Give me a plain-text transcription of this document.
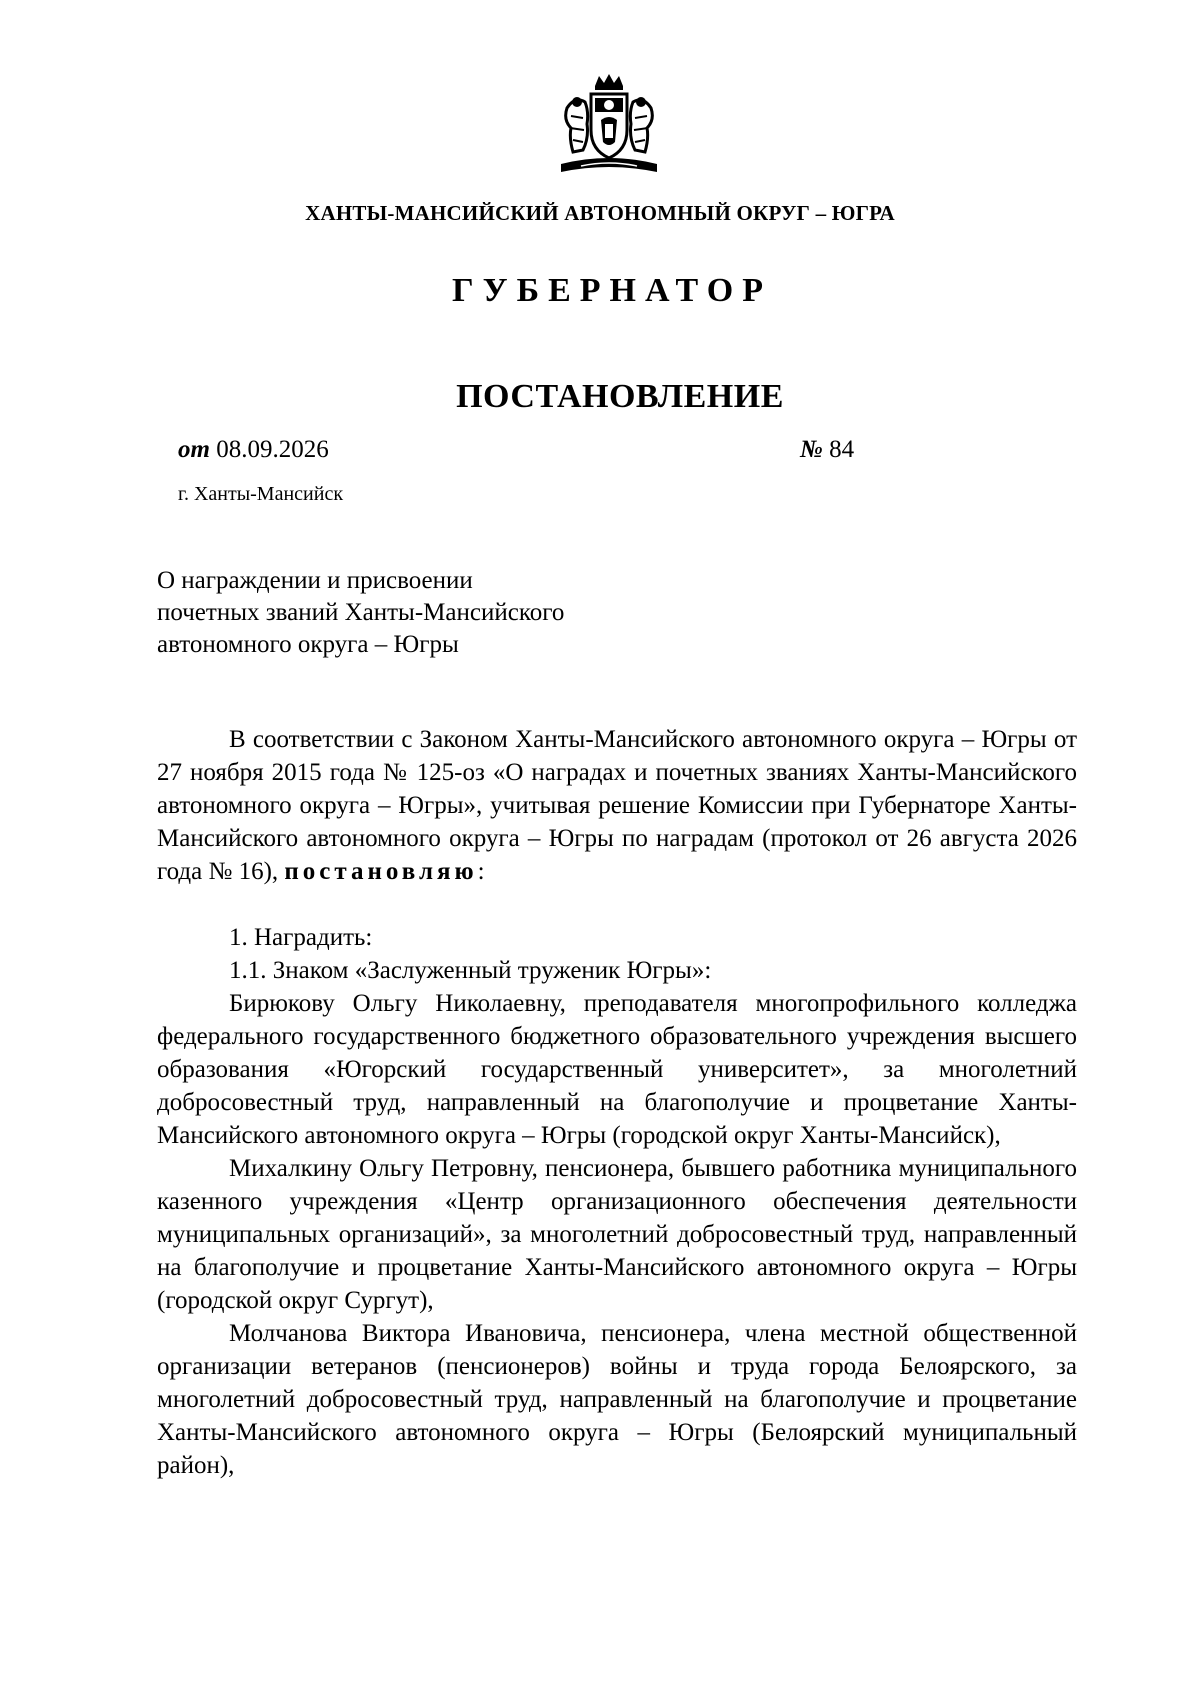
ХАНТЫ-МАНСИЙСКИЙ АВТОНОМНЫЙ ОКРУГ – ЮГРА
ГУБЕРНАТОР
ПОСТАНОВЛЕНИЕ
от 08.09.2026	№ 84
г. Ханты-Мансийск
О награждении и присвоении
почетных званий Ханты-Мансийского
автономного округа – Югры

В соответствии с Законом Ханты-Мансийского автономного округа – Югры от 27 ноября 2015 года № 125-оз «О наградах и почетных званиях Ханты-Мансийского автономного округа – Югры», учитывая решение Комиссии при Губернаторе Ханты-Мансийского автономного округа – Югры по наградам (протокол от 26 августа 2026 года № 16), постановляю:

1. Наградить:

1.1. Знаком «Заслуженный труженик Югры»:

Бирюкову Ольгу Николаевну, преподавателя многопрофильного колледжа федерального государственного бюджетного образовательного учреждения высшего образования «Югорский государственный университет», за многолетний добросовестный труд, направленный на благополучие и процветание Ханты-Мансийского автономного округа – Югры (городской округ Ханты-Мансийск),

Михалкину Ольгу Петровну, пенсионера, бывшего работника муниципального казенного учреждения «Центр организационного обеспечения деятельности муниципальных организаций», за многолетний добросовестный труд, направленный на благополучие и процветание Ханты-Мансийского автономного округа – Югры (городской округ Сургут),

Молчанова Виктора Ивановича, пенсионера, члена местной общественной организации ветеранов (пенсионеров) войны и труда города Белоярского, за многолетний добросовестный труд, направленный на благополучие и процветание Ханты-Мансийского автономного округа – Югры (Белоярский муниципальный район),
